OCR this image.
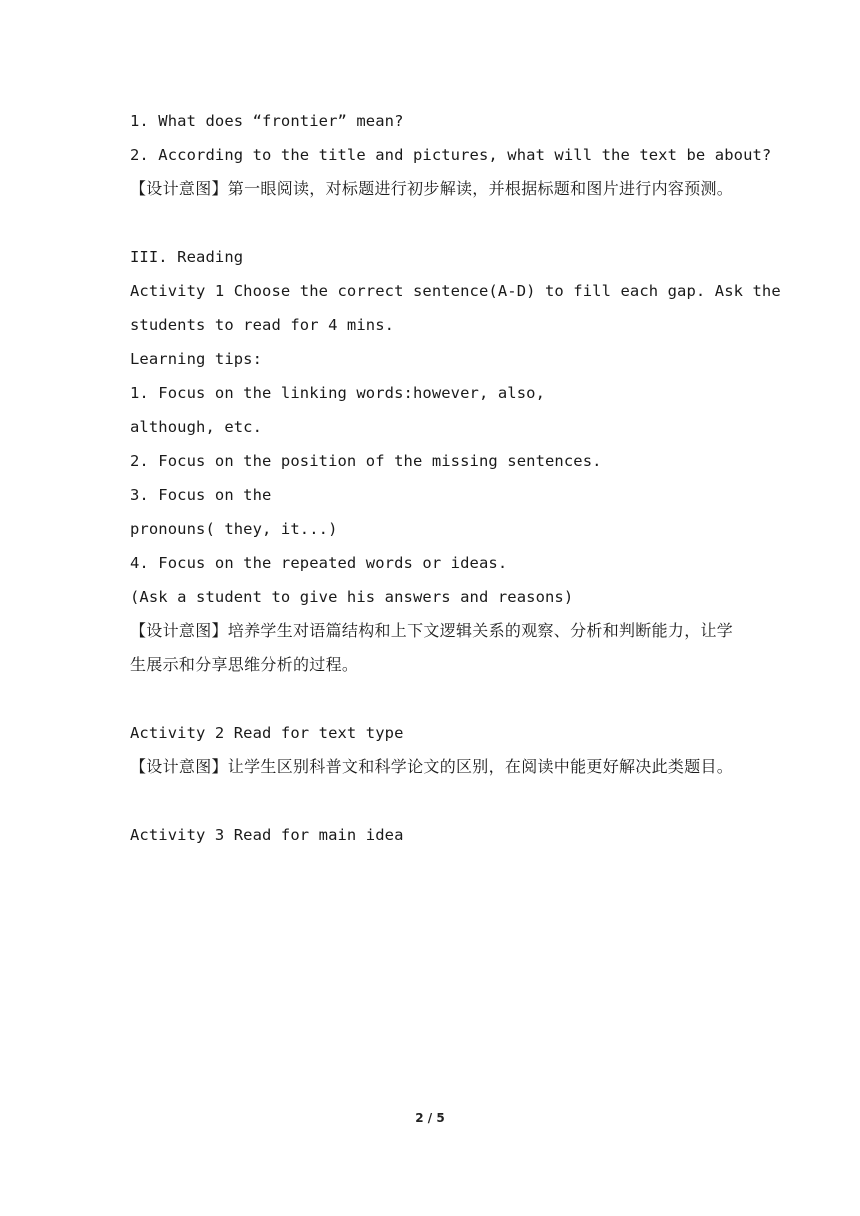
1. What does “frontier” mean?
2. According to the title and pictures, what will the text be about?
【设计意图】第一眼阅读，对标题进行初步解读，并根据标题和图片进行内容预测。
III. Reading
Activity 1 Choose the correct sentence(A-D) to fill each gap. Ask the
students to read for 4 mins.
Learning tips:
1. Focus on the linking words:however, also,
although, etc.
2. Focus on the position of the missing sentences.
3. Focus on the
pronouns( they, it...)
4. Focus on the repeated words or ideas.
(Ask a student to give his answers and reasons)
【设计意图】培养学生对语篇结构和上下文逻辑关系的观察、分析和判断能力，让学生展示和分享思维分析的过程。
Activity 2 Read for text type
【设计意图】让学生区别科普文和科学论文的区别，在阅读中能更好解决此类题目。
Activity 3 Read for main idea
2 / 5
